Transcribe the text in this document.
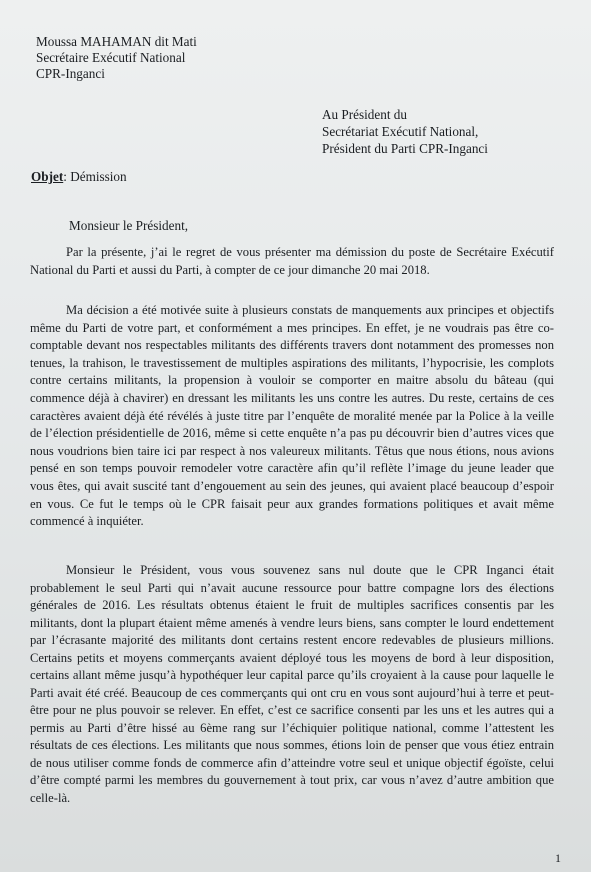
Moussa MAHAMAN dit Mati
Secrétaire Exécutif National
CPR-Inganci
Au Président du
Secrétariat Exécutif National,
Président du Parti CPR-Inganci
Objet: Démission
Monsieur le Président,

Par la présente, j’ai le regret de vous présenter ma démission du poste de Secrétaire Exécutif National du Parti et aussi du Parti, à compter de ce jour dimanche 20 mai 2018.

Ma décision a été motivée suite à plusieurs constats de manquements aux principes et objectifs même du Parti de votre part, et conformément a mes principes. En effet, je ne voudrais pas être co-comptable devant nos respectables militants des différents travers dont notamment des promesses non tenues, la trahison, le travestissement de multiples aspirations des militants, l’hypocrisie, les complots contre certains militants, la propension à vouloir se comporter en maitre absolu du bâteau (qui commence déjà à chavirer) en dressant les militants les uns contre les autres. Du reste, certains de ces caractères avaient déjà été révélés à juste titre par l’enquête de moralité menée par la Police à la veille de l’élection présidentielle de 2016, même si cette enquête n’a pas pu découvrir bien d’autres vices que nous voudrions bien taire ici par respect à nos valeureux militants. Têtus que nous étions, nous avions pensé en son temps pouvoir remodeler votre caractère afin qu’il reflète l’image du jeune leader que vous êtes, qui avait suscité tant d’engouement au sein des jeunes, qui avaient placé beaucoup d’espoir en vous. Ce fut le temps où le CPR faisait peur aux grandes formations politiques et avait même commencé à inquiéter.

Monsieur le Président, vous vous souvenez sans nul doute que le CPR Inganci était probablement le seul Parti qui n’avait aucune ressource pour battre compagne lors des élections générales de 2016. Les résultats obtenus étaient le fruit de multiples sacrifices consentis par les militants, dont la plupart étaient même amenés à vendre leurs biens, sans compter le lourd endettement par l’écrasante majorité des militants dont certains restent encore redevables de plusieurs millions. Certains petits et moyens commerçants avaient déployé tous les moyens de bord à leur disposition, certains allant même jusqu’à hypothéquer leur capital parce qu’ils croyaient à la cause pour laquelle le Parti avait été créé. Beaucoup de ces commerçants qui ont cru en vous sont aujourd’hui à terre et peut-être pour ne plus pouvoir se relever. En effet, c’est ce sacrifice consenti par les uns et les autres qui a permis au Parti d’être hissé au 6ème rang sur l’échiquier politique national, comme l’attestent les résultats de ces élections. Les militants que nous sommes, étions loin de penser que vous étiez entrain de nous utiliser comme fonds de commerce afin d’atteindre votre seul et unique objectif égoïste, celui d’être compté parmi les membres du gouvernement à tout prix, car vous n’avez d’autre ambition que celle-là.

1
